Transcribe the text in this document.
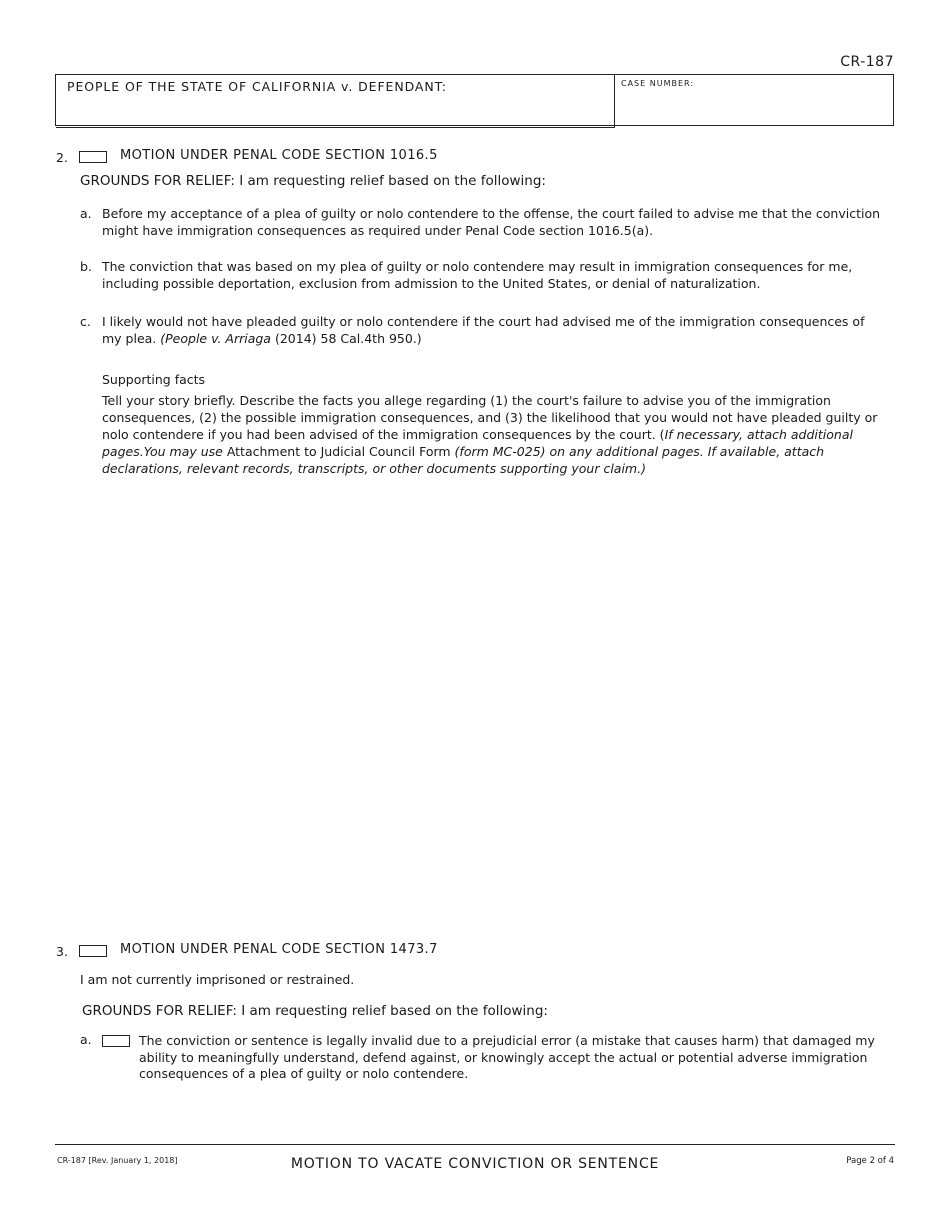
CR-187
PEOPLE OF THE STATE OF CALIFORNIA v. DEFENDANT:	CASE NUMBER:
2.	MOTION UNDER PENAL CODE SECTION 1016.5
GROUNDS FOR RELIEF: I am requesting relief based on the following:
a. Before my acceptance of a plea of guilty or nolo contendere to the offense, the court failed to advise me that the conviction might have immigration consequences as required under Penal Code section 1016.5(a).
b. The conviction that was based on my plea of guilty or nolo contendere may result in immigration consequences for me, including possible deportation, exclusion from admission to the United States, or denial of naturalization.
c. I likely would not have pleaded guilty or nolo contendere if the court had advised me of the immigration consequences of my plea. (People v. Arriaga (2014) 58 Cal.4th 950.)
Supporting facts
Tell your story briefly. Describe the facts you allege regarding (1) the court's failure to advise you of the immigration consequences, (2) the possible immigration consequences, and (3) the likelihood that you would not have pleaded guilty or nolo contendere if you had been advised of the immigration consequences by the court. (If necessary, attach additional pages.You may use Attachment to Judicial Council Form (form MC-025) on any additional pages. If available, attach declarations, relevant records, transcripts, or other documents supporting your claim.)
3.	MOTION UNDER PENAL CODE SECTION 1473.7
I am not currently imprisoned or restrained.
GROUNDS FOR RELIEF: I am requesting relief based on the following:
a.	The conviction or sentence is legally invalid due to a prejudicial error (a mistake that causes harm) that damaged my ability to meaningfully understand, defend against, or knowingly accept the actual or potential adverse immigration consequences of a plea of guilty or nolo contendere.
CR-187 [Rev. January 1, 2018]	MOTION TO VACATE CONVICTION OR SENTENCE	Page 2 of 4
